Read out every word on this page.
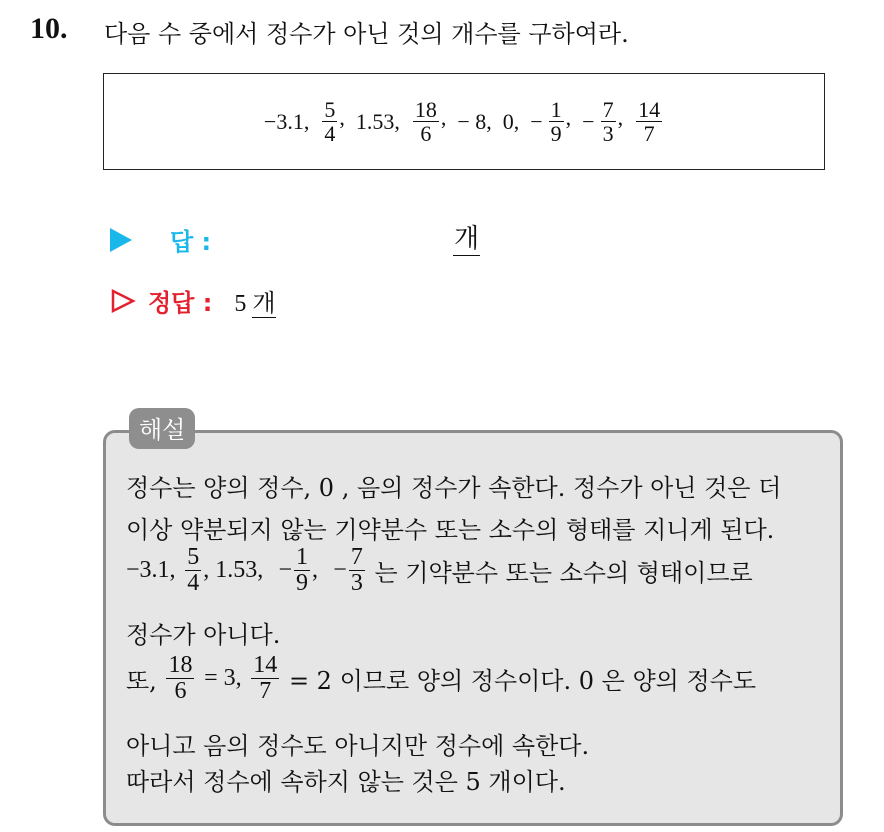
10. 다음 수 중에서 정수가 아닌 것의 개수를 구하여라.
−3.1,
$\frac{5}{4}$ ,
1.53,
$\frac{18}{6}$ ,
− 8,
0,
− $\frac{1}{9}$ ,
− $\frac{7}{3}$ ,
$\frac{14}{7}$
답 :	개
정답 : 5 개
해설
정수는 양의 정수, 0 , 음의 정수가 속한다. 정수가 아닌 것은 더
이상 약분되지 않는 기약분수 또는 소수의 형태를 지니게 된다.
−3.1,
$\frac{5}{4}$ , 1.53,
− $\frac{1}{9}$ ,
− $\frac{7}{3}$
는 기약분수 또는 소수의 형태이므로
정수가 아니다.
또,
$\frac{18}{6}$
= 3,
$\frac{14}{7}$
= 2 이므로 양의 정수이다. 0 은 양의 정수도
아니고 음의 정수도 아니지만 정수에 속한다.
따라서 정수에 속하지 않는 것은 5 개이다.
